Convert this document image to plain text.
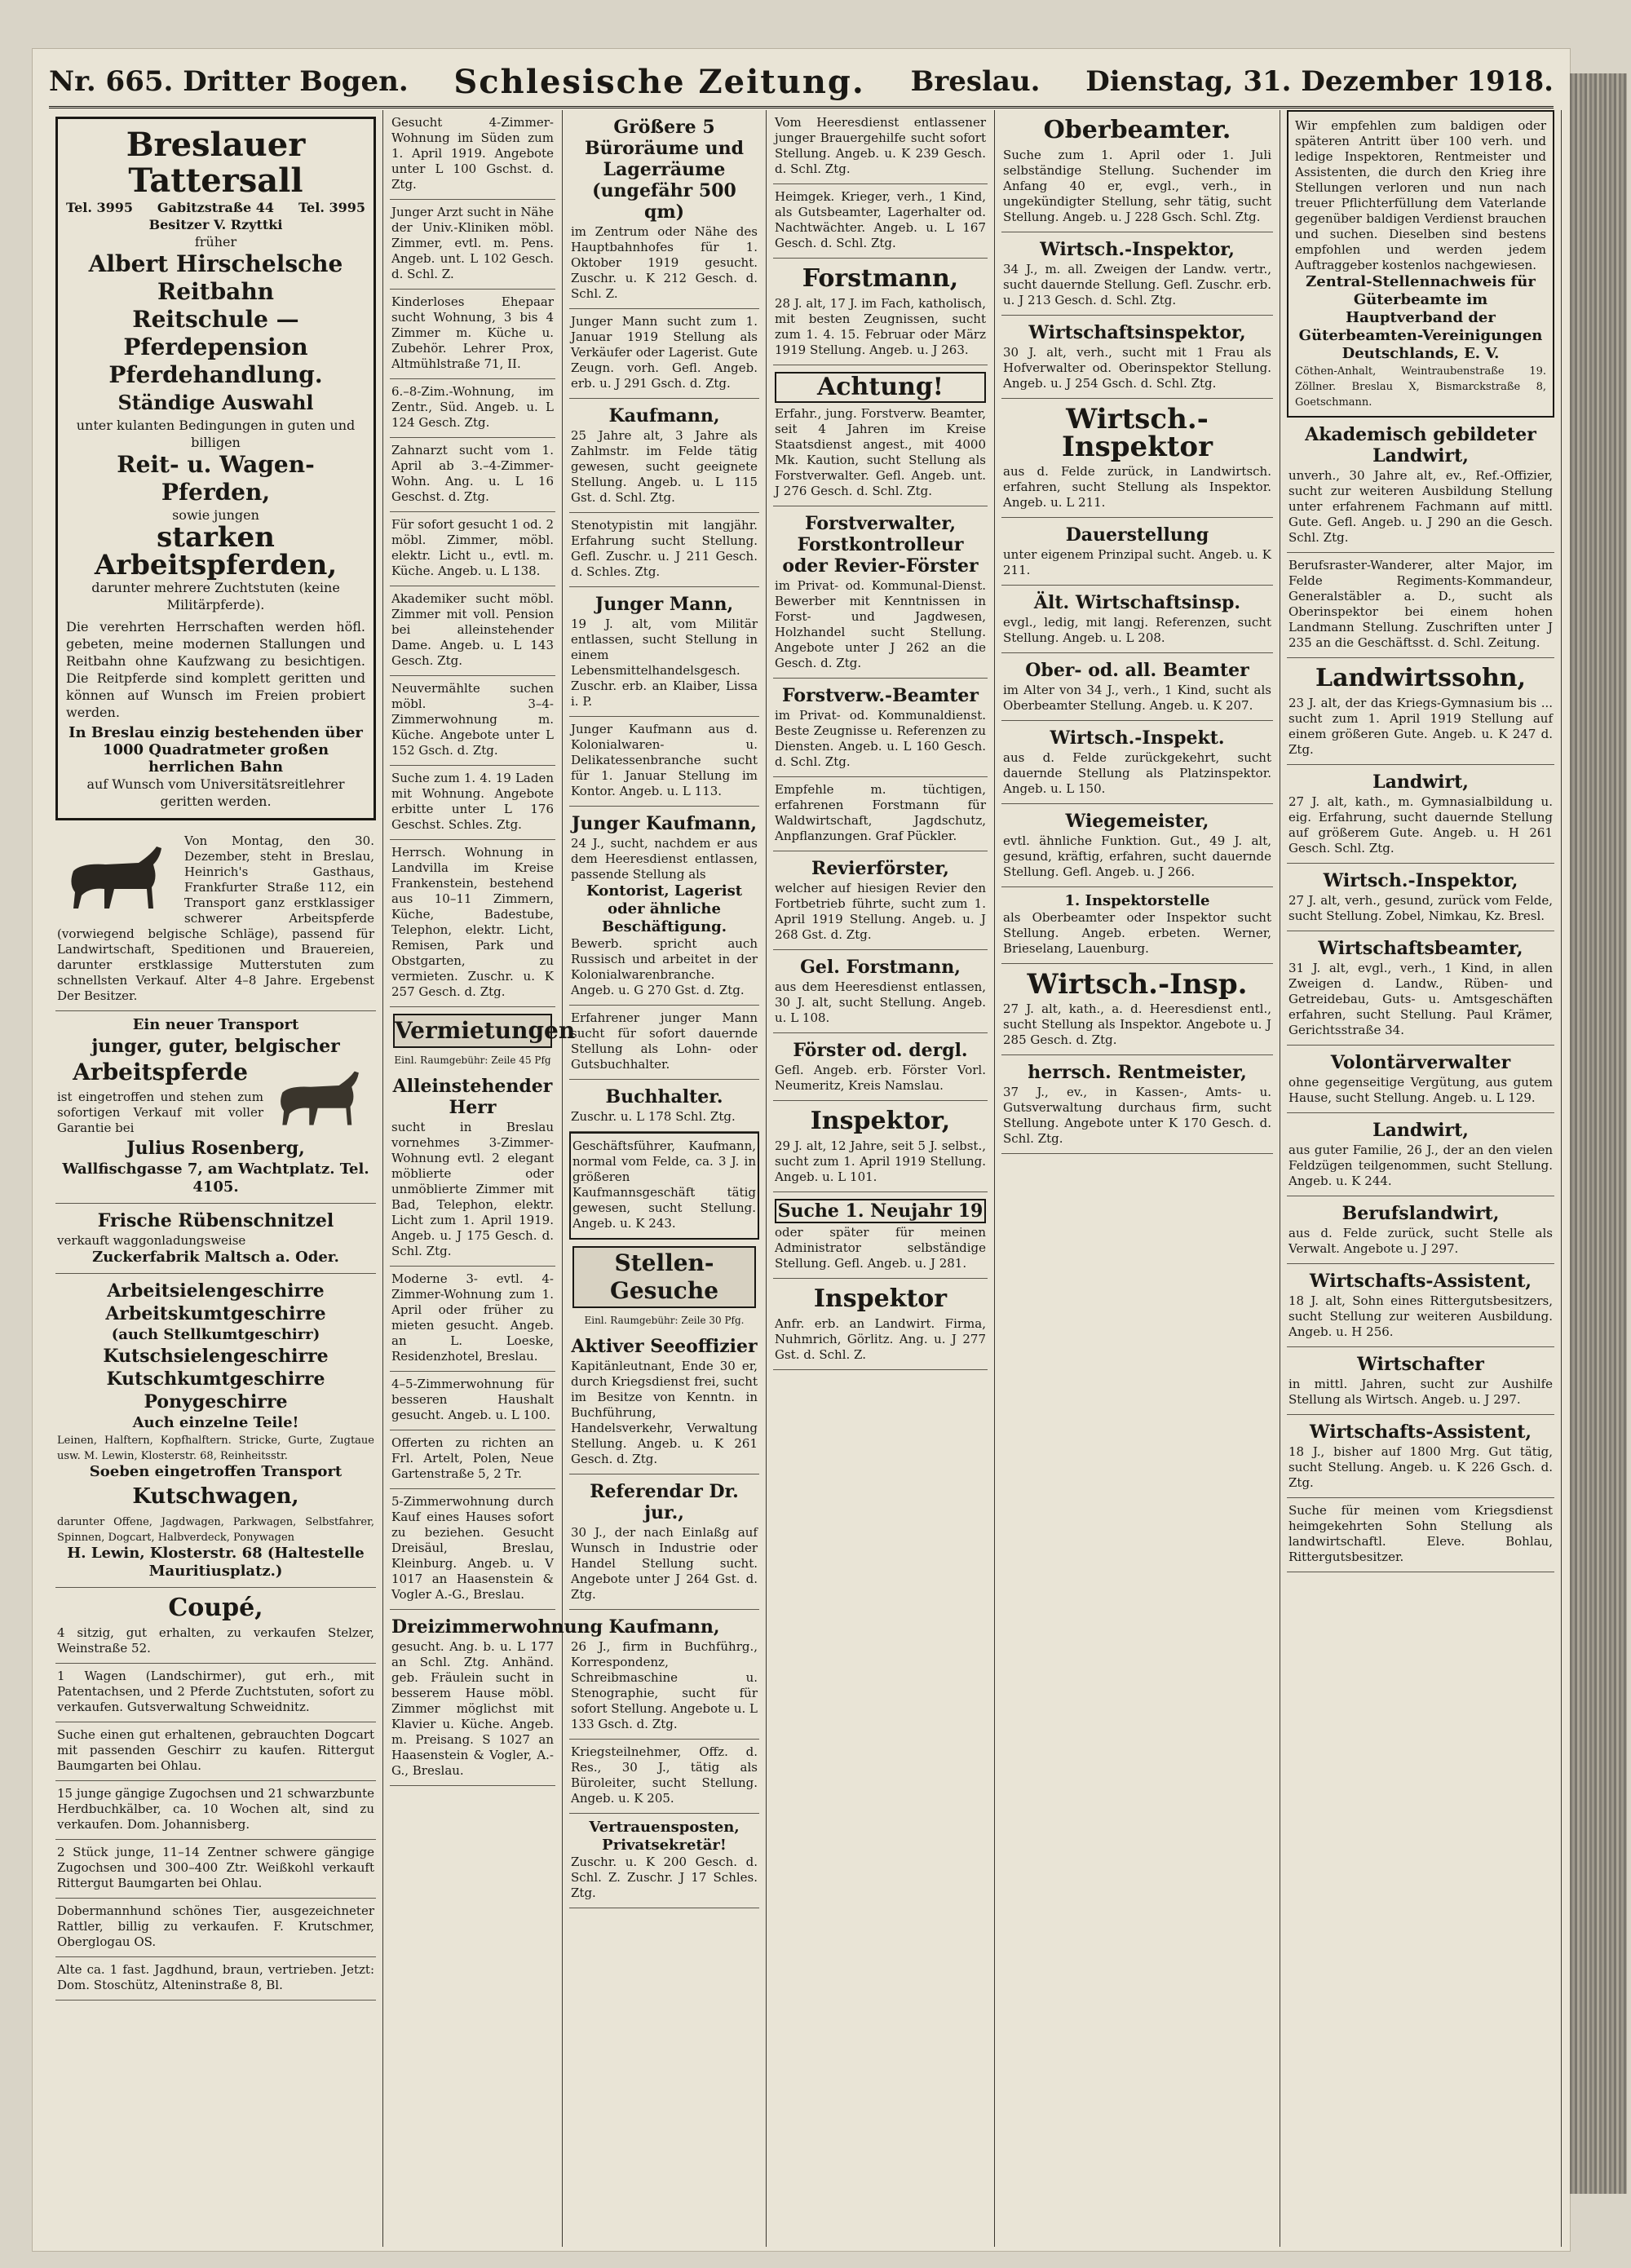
Nr. 665. Dritter Bogen. Schlesische Zeitung. Breslau. Dienstag, 31. Dezember 1918.
Breslauer Tattersall
Tel. 3995 Gabitzstraße 44 Tel. 3995
Besitzer V. Rzyttki
früher
Albert Hirschelsche Reitbahn
Reitschule — Pferdepension
Pferdehandlung.
Ständige Auswahl
unter kulanten Bedingungen in guten und billigen
Reit- u. Wagen-Pferden,
sowie jungen
starken Arbeitspferden,
darunter mehrere Zuchtstuten (keine Militärpferde).
Die verehrten Herrschaften werden höfl. gebeten, meine modernen Stallungen und Reitbahn ohne Kaufzwang zu besichtigen. Die Reitpferde sind komplett geritten und können auf Wunsch im Freien probiert werden.
In Breslau einzig bestehenden über 1000 Quadratmeter großen herrlichen Bahn
auf Wunsch vom Universitätsreitlehrer geritten werden.
Von Montag, den 30. Dezember, steht in Breslau, Heinrich's Gasthaus, Frankfurter Straße 112, ein Transport ganz erstklassiger schwerer Arbeitspferde (vorwiegend belgische Schläge), passend für Landwirtschaft, Speditionen und Brauereien, darunter erstklassige Mutterstuten zum schnellsten Verkauf. Alter 4–8 Jahre. Ergebenst Der Besitzer.
Ein neuer Transport
junger, guter, belgischer
Arbeitspferde
ist eingetroffen und stehen zum sofortigen Verkauf mit voller Garantie bei
Julius Rosenberg,
Wallfischgasse 7, am Wachtplatz. Tel. 4105.
Frische Rübenschnitzel
verkauft waggonladungsweise
Zuckerfabrik Maltsch a. Oder.
Arbeitsielengeschirre
Arbeitskumtgeschirre
(auch Stellkumtgeschirr)
Kutschsielengeschirre
Kutschkumtgeschirre
Ponygeschirre
Auch einzelne Teile!
Leinen, Halftern, Kopfhalftern. Stricke, Gurte, Zugtaue usw. M. Lewin, Klosterstr. 68, Reinheitsstr.
Soeben eingetroffen Transport
Kutschwagen,
darunter Offene, Jagdwagen, Parkwagen, Selbstfahrer, Spinnen, Dogcart, Halbverdeck, Ponywagen
H. Lewin, Klosterstr. 68 (Haltestelle Mauritiusplatz.)
Coupé,
4 sitzig, gut erhalten, zu verkaufen Stelzer, Weinstraße 52.
1 Wagen (Landschirmer), gut erh., mit Patentachsen, und 2 Pferde Zuchtstuten, sofort zu verkaufen. Gutsverwaltung Schweidnitz.
Suche einen gut erhaltenen, gebrauchten Dogcart mit passenden Geschirr zu kaufen. Rittergut Baumgarten bei Ohlau.
15 junge gängige Zugochsen und 21 schwarzbunte Herdbuchkälber, ca. 10 Wochen alt, sind zu verkaufen. Dom. Johannisberg.
2 Stück junge, 11–14 Zentner schwere gängige Zugochsen und 300–400 Ztr. Weißkohl verkauft Rittergut Baumgarten bei Ohlau.
Dobermannhund schönes Tier, ausgezeichneter Rattler, billig zu verkaufen. F. Krutschmer, Oberglogau OS.
Alte ca. 1 fast. Jagdhund, braun, vertrieben. Jetzt: Dom. Stoschütz, Alteninstraße 8, Bl.
Gesucht 4-Zimmer-Wohnung im Süden zum 1. April 1919. Angebote unter L 100 Gschst. d. Ztg.
Junger Arzt sucht in Nähe der Univ.-Kliniken möbl. Zimmer, evtl. m. Pens. Angeb. unt. L 102 Gesch. d. Schl. Z.
Kinderloses Ehepaar sucht Wohnung, 3 bis 4 Zimmer m. Küche u. Zubehör. Lehrer Prox, Altmühlstraße 71, II.
6.–8-Zim.-Wohnung, im Zentr., Süd. Angeb. u. L 124 Gesch. Ztg.
Zahnarzt sucht vom 1. April ab 3.–4-Zimmer-Wohn. Ang. u. L 16 Geschst. d. Ztg.
Für sofort gesucht 1 od. 2 möbl. Zimmer, möbl. elektr. Licht u., evtl. m. Küche. Angeb. u. L 138.
Akademiker sucht möbl. Zimmer mit voll. Pension bei alleinstehender Dame. Angeb. u. L 143 Gesch. Ztg.
Neuvermählte suchen möbl. 3–4-Zimmerwohnung m. Küche. Angebote unter L 152 Gsch. d. Ztg.
Suche zum 1. 4. 19 Laden mit Wohnung. Angebote erbitte unter L 176 Geschst. Schles. Ztg.
Herrsch. Wohnung in Landvilla im Kreise Frankenstein, bestehend aus 10–11 Zimmern, Küche, Badestube, Telephon, elektr. Licht, Remisen, Park und Obstgarten, zu vermieten. Zuschr. u. K 257 Gesch. d. Ztg.
Vermietungen
Einl. Raumgebühr: Zeile 45 Pfg
Alleinstehender Herr
sucht in Breslau vornehmes 3-Zimmer-Wohnung evtl. 2 elegant möblierte oder unmöblierte Zimmer mit Bad, Telephon, elektr. Licht zum 1. April 1919. Angeb. u. J 175 Gesch. d. Schl. Ztg.
Moderne 3- evtl. 4-Zimmer-Wohnung zum 1. April oder früher zu mieten gesucht. Angeb. an L. Loeske, Residenzhotel, Breslau.
4–5-Zimmerwohnung für besseren Haushalt gesucht. Angeb. u. L 100.
Offerten zu richten an Frl. Artelt, Polen, Neue Gartenstraße 5, 2 Tr.
5-Zimmerwohnung durch Kauf eines Hauses sofort zu beziehen. Gesucht Dreisäul, Breslau, Kleinburg. Angeb. u. V 1017 an Haasenstein & Vogler A.-G., Breslau.
Dreizimmerwohnung
gesucht. Ang. b. u. L 177 an Schl. Ztg. Anhänd. geb. Fräulein sucht in besserem Hause möbl. Zimmer möglichst mit Klavier u. Küche. Angeb. m. Preisang. S 1027 an Haasenstein & Vogler, A.-G., Breslau.
Größere 5 Büroräume und Lagerräume (ungefähr 500 qm)
im Zentrum oder Nähe des Hauptbahnhofes für 1. Oktober 1919 gesucht. Zuschr. u. K 212 Gesch. d. Schl. Z.
Junger Mann sucht zum 1. Januar 1919 Stellung als Verkäufer oder Lagerist. Gute Zeugn. vorh. Gefl. Angeb. erb. u. J 291 Gsch. d. Ztg.
Kaufmann,
25 Jahre alt, 3 Jahre als Zahlmstr. im Felde tätig gewesen, sucht geeignete Stellung. Angeb. u. L 115 Gst. d. Schl. Ztg.
Stenotypistin mit langjähr. Erfahrung sucht Stellung. Gefl. Zuschr. u. J 211 Gesch. d. Schles. Ztg.
Junger Mann,
19 J. alt, vom Militär entlassen, sucht Stellung in einem Lebensmittelhandelsgesch. Zuschr. erb. an Klaiber, Lissa i. P.
Junger Kaufmann aus d. Kolonialwaren- u. Delikatessenbranche sucht für 1. Januar Stellung im Kontor. Angeb. u. L 113.
Junger Kaufmann,
24 J., sucht, nachdem er aus dem Heeresdienst entlassen, passende Stellung als
Kontorist, Lagerist oder ähnliche Beschäftigung.
Bewerb. spricht auch Russisch und arbeitet in der Kolonialwarenbranche. Angeb. u. G 270 Gst. d. Ztg.
Erfahrener junger Mann sucht für sofort dauernde Stellung als Lohn- oder Gutsbuchhalter.
Buchhalter.
Zuschr. u. L 178 Schl. Ztg.
Geschäftsführer, Kaufmann, normal vom Felde, ca. 3 J. in größeren Kaufmannsgeschäft tätig gewesen, sucht Stellung. Angeb. u. K 243.
Stellen-Gesuche
Einl. Raumgebühr: Zeile 30 Pfg.
Aktiver Seeoffizier
Kapitänleutnant, Ende 30 er, durch Kriegsdienst frei, sucht im Besitze von Kenntn. in Buchführung, Handelsverkehr, Verwaltung Stellung. Angeb. u. K 261 Gesch. d. Ztg.
Referendar Dr. jur.,
30 J., der nach Einlaßg auf Wunsch in Industrie oder Handel Stellung sucht. Angebote unter J 264 Gst. d. Ztg.
Kaufmann,
26 J., firm in Buchführg., Korrespondenz, Schreibmaschine u. Stenographie, sucht für sofort Stellung. Angebote u. L 133 Gsch. d. Ztg.
Kriegsteilnehmer, Offz. d. Res., 30 J., tätig als Büroleiter, sucht Stellung. Angeb. u. K 205.
Vertrauensposten, Privatsekretär!
Zuschr. u. K 200 Gesch. d. Schl. Z. Zuschr. J 17 Schles. Ztg.
Vom Heeresdienst entlassener junger Brauergehilfe sucht sofort Stellung. Angeb. u. K 239 Gesch. d. Schl. Ztg.
Heimgek. Krieger, verh., 1 Kind, als Gutsbeamter, Lagerhalter od. Nachtwächter. Angeb. u. L 167 Gesch. d. Schl. Ztg.
Forstmann,
28 J. alt, 17 J. im Fach, katholisch, mit besten Zeugnissen, sucht zum 1. 4. 15. Februar oder März 1919 Stellung. Angeb. u. J 263.
Achtung!
Erfahr., jung. Forstverw. Beamter, seit 4 Jahren im Kreise Staatsdienst angest., mit 4000 Mk. Kaution, sucht Stellung als Forstverwalter. Gefl. Angeb. unt. J 276 Gesch. d. Schl. Ztg.
Forstverwalter, Forstkontrolleur oder Revier-Förster
im Privat- od. Kommunal-Dienst. Bewerber mit Kenntnissen in Forst- und Jagdwesen, Holzhandel sucht Stellung. Angebote unter J 262 an die Gesch. d. Ztg.
Forstverw.-Beamter
im Privat- od. Kommunaldienst. Beste Zeugnisse u. Referenzen zu Diensten. Angeb. u. L 160 Gesch. d. Schl. Ztg.
Empfehle m. tüchtigen, erfahrenen Forstmann für Waldwirtschaft, Jagdschutz, Anpflanzungen. Graf Pückler.
Revierförster,
welcher auf hiesigen Revier den Fortbetrieb führte, sucht zum 1. April 1919 Stellung. Angeb. u. J 268 Gst. d. Ztg.
Gel. Forstmann,
aus dem Heeresdienst entlassen, 30 J. alt, sucht Stellung. Angeb. u. L 108.
Förster od. dergl.
Gefl. Angeb. erb. Förster Vorl. Neumeritz, Kreis Namslau.
Inspektor,
29 J. alt, 12 Jahre, seit 5 J. selbst., sucht zum 1. April 1919 Stellung. Angeb. u. L 101.
Suche 1. Neujahr 19
oder später für meinen Administrator selbständige Stellung. Gefl. Angeb. u. J 281.
Inspektor
Anfr. erb. an Landwirt. Firma, Nuhmrich, Görlitz. Ang. u. J 277 Gst. d. Schl. Z.
Oberbeamter.
Suche zum 1. April oder 1. Juli selbständige Stellung. Suchender im Anfang 40 er, evgl., verh., in ungekündigter Stellung, sehr tätig, sucht Stellung. Angeb. u. J 228 Gsch. Schl. Ztg.
Wirtsch.-Inspektor,
34 J., m. all. Zweigen der Landw. vertr., sucht dauernde Stellung. Gefl. Zuschr. erb. u. J 213 Gesch. d. Schl. Ztg.
Wirtschaftsinspektor,
30 J. alt, verh., sucht mit 1 Frau als Hofverwalter od. Oberinspektor Stellung. Angeb. u. J 254 Gsch. d. Schl. Ztg.
Wirtsch.-Inspektor
aus d. Felde zurück, in Landwirtsch. erfahren, sucht Stellung als Inspektor. Angeb. u. L 211.
Dauerstellung
unter eigenem Prinzipal sucht. Angeb. u. K 211.
Ält. Wirtschaftsinsp.
evgl., ledig, mit langj. Referenzen, sucht Stellung. Angeb. u. L 208.
Ober- od. all. Beamter
im Alter von 34 J., verh., 1 Kind, sucht als Oberbeamter Stellung. Angeb. u. K 207.
Wirtsch.-Inspekt.
aus d. Felde zurückgekehrt, sucht dauernde Stellung als Platzinspektor. Angeb. u. L 150.
Wiegemeister,
evtl. ähnliche Funktion. Gut., 49 J. alt, gesund, kräftig, erfahren, sucht dauernde Stellung. Gefl. Angeb. u. J 266.
1. Inspektorstelle
als Oberbeamter oder Inspektor sucht Stellung. Angeb. erbeten. Werner, Brieselang, Lauenburg.
Wirtsch.-Insp.
27 J. alt, kath., a. d. Heeresdienst entl., sucht Stellung als Inspektor. Angebote u. J 285 Gesch. d. Ztg.
herrsch. Rentmeister,
37 J., ev., in Kassen-, Amts- u. Gutsverwaltung durchaus firm, sucht Stellung. Angebote unter K 170 Gesch. d. Schl. Ztg.
Wir empfehlen zum baldigen oder späteren Antritt über 100 verh. und ledige Inspektoren, Rentmeister und Assistenten, die durch den Krieg ihre Stellungen verloren und nun nach treuer Pflichterfüllung dem Vaterlande gegenüber baldigen Verdienst brauchen und suchen. Dieselben sind bestens empfohlen und werden jedem Auftraggeber kostenlos nachgewiesen.
Zentral-Stellennachweis für Güterbeamte im Hauptverband der Güterbeamten-Vereinigungen Deutschlands, E. V.
Cöthen-Anhalt, Weintraubenstraße 19. Zöllner. Breslau X, Bismarckstraße 8, Goetschmann.
Akademisch gebildeter Landwirt,
unverh., 30 Jahre alt, ev., Ref.-Offizier, sucht zur weiteren Ausbildung Stellung unter erfahrenem Fachmann auf mittl. Gute. Gefl. Angeb. u. J 290 an die Gesch. Schl. Ztg.
Berufsraster-Wanderer, alter Major, im Felde Regiments-Kommandeur, Generalstäbler a. D., sucht als Oberinspektor bei einem hohen Landmann Stellung. Zuschriften unter J 235 an die Geschäftsst. d. Schl. Zeitung.
Landwirtssohn,
23 J. alt, der das Kriegs-Gymnasium bis ... sucht zum 1. April 1919 Stellung auf einem größeren Gute. Angeb. u. K 247 d. Ztg.
Landwirt,
27 J. alt, kath., m. Gymnasialbildung u. eig. Erfahrung, sucht dauernde Stellung auf größerem Gute. Angeb. u. H 261 Gesch. Schl. Ztg.
Wirtsch.-Inspektor,
27 J. alt, verh., gesund, zurück vom Felde, sucht Stellung. Zobel, Nimkau, Kz. Bresl.
Wirtschaftsbeamter,
31 J. alt, evgl., verh., 1 Kind, in allen Zweigen d. Landw., Rüben- und Getreidebau, Guts- u. Amtsgeschäften erfahren, sucht Stellung. Paul Krämer, Gerichtsstraße 34.
Volontärverwalter
ohne gegenseitige Vergütung, aus gutem Hause, sucht Stellung. Angeb. u. L 129.
Landwirt,
aus guter Familie, 26 J., der an den vielen Feldzügen teilgenommen, sucht Stellung. Angeb. u. K 244.
Berufslandwirt,
aus d. Felde zurück, sucht Stelle als Verwalt. Angebote u. J 297.
Wirtschafts-Assistent,
18 J. alt, Sohn eines Rittergutsbesitzers, sucht Stellung zur weiteren Ausbildung. Angeb. u. H 256.
Wirtschafter
in mittl. Jahren, sucht zur Aushilfe Stellung als Wirtsch. Angeb. u. J 297.
Wirtschafts-Assistent,
18 J., bisher auf 1800 Mrg. Gut tätig, sucht Stellung. Angeb. u. K 226 Gsch. d. Ztg.
Suche für meinen vom Kriegsdienst heimgekehrten Sohn Stellung als landwirtschaftl. Eleve. Bohlau, Rittergutsbesitzer.
